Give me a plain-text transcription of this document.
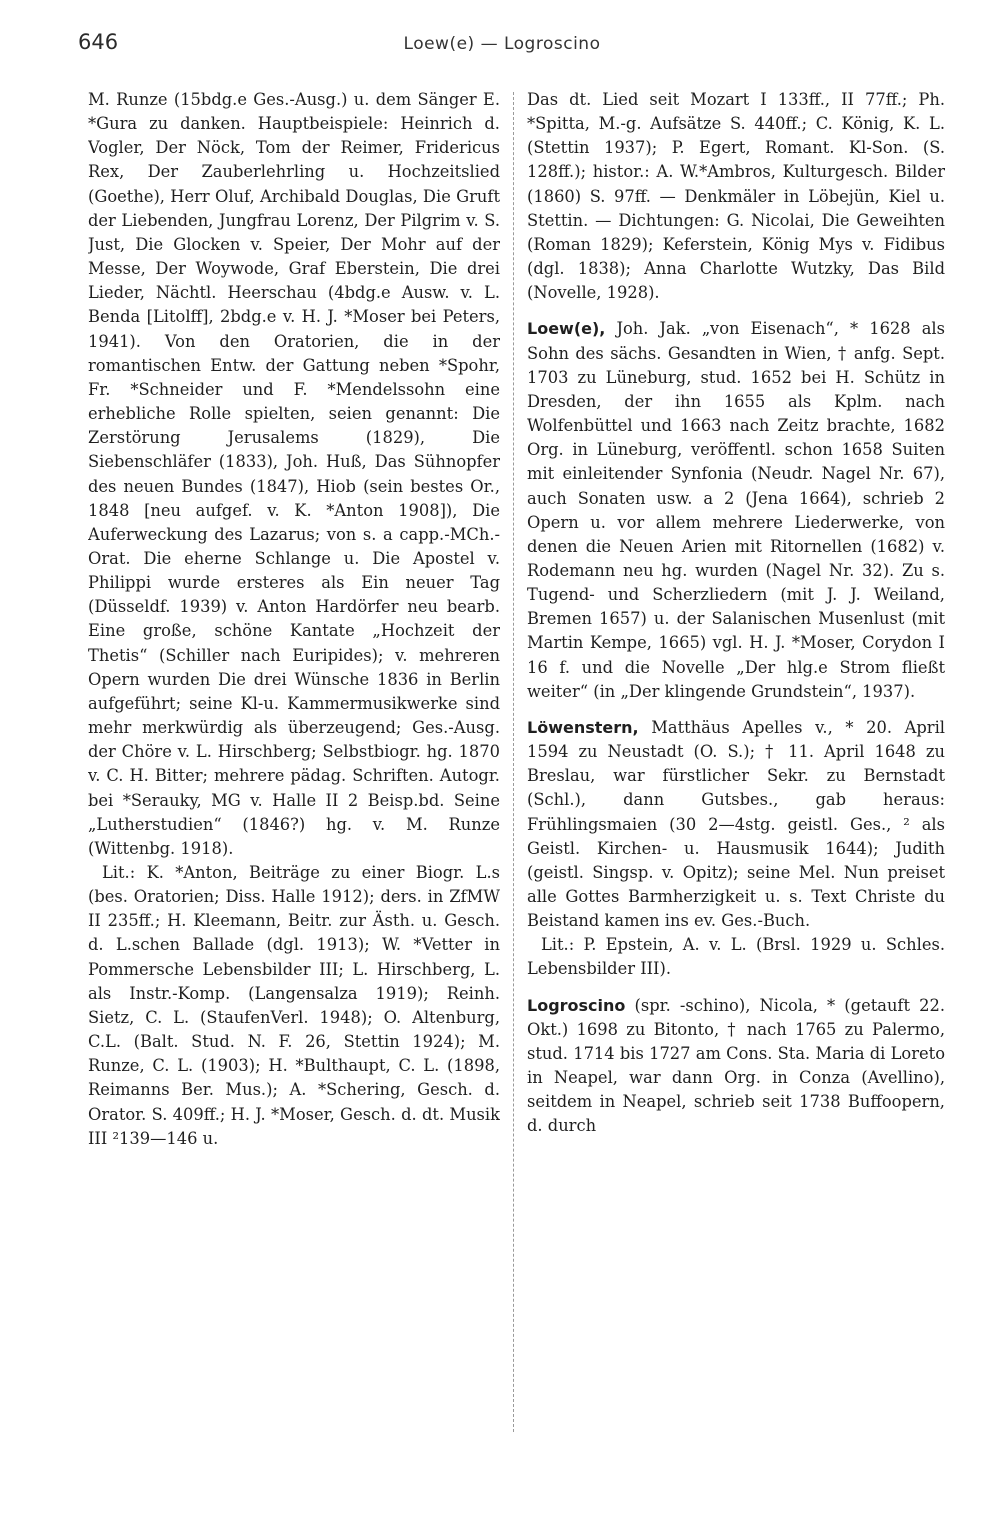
646	Loew(e) — Logroscino

M. Runze (15bdg.e Ges.-Ausg.) u. dem Sänger E. *Gura zu danken. Hauptbeispiele: Heinrich d. Vogler, Der Nöck, Tom der Reimer, Fridericus Rex, Der Zauberlehrling u. Hochzeitslied (Goethe), Herr Oluf, Archibald Douglas, Die Gruft der Liebenden, Jungfrau Lorenz, Der Pilgrim v. S. Just, Die Glocken v. Speier, Der Mohr auf der Messe, Der Woywode, Graf Eberstein, Die drei Lieder, Nächtl. Heerschau (4bdg.e Ausw. v. L. Benda [Litolff], 2bdg.e v. H. J. *Moser bei Peters, 1941). Von den Oratorien, die in der romantischen Entw. der Gattung neben *Spohr, Fr. *Schneider und F. *Mendelssohn eine erhebliche Rolle spielten, seien genannt: Die Zerstörung Jerusalems (1829), Die Siebenschläfer (1833), Joh. Huß, Das Sühnopfer des neuen Bundes (1847), Hiob (sein bestes Or., 1848 [neu aufgef. v. K. *Anton 1908]), Die Auferweckung des Lazarus; von s. a capp.-MCh.-Orat. Die eherne Schlange u. Die Apostel v. Philippi wurde ersteres als Ein neuer Tag (Düsseldf. 1939) v. Anton Hardörfer neu bearb. Eine große, schöne Kantate „Hochzeit der Thetis“ (Schiller nach Euripides); v. mehreren Opern wurden Die drei Wünsche 1836 in Berlin aufgeführt; seine Kl-u. Kammermusikwerke sind mehr merkwürdig als überzeugend; Ges.-Ausg. der Chöre v. L. Hirschberg; Selbstbiogr. hg. 1870 v. C. H. Bitter; mehrere pädag. Schriften. Autogr. bei *Serauky, MG v. Halle II 2 Beisp.bd. Seine „Lutherstudien“ (1846?) hg. v. M. Runze (Wittenbg. 1918).

Lit.: K. *Anton, Beiträge zu einer Biogr. L.s (bes. Oratorien; Diss. Halle 1912); ders. in ZfMW II 235ff.; H. Kleemann, Beitr. zur Ästh. u. Gesch. d. L.schen Ballade (dgl. 1913); W. *Vetter in Pommersche Lebensbilder III; L. Hirschberg, L. als Instr.-Komp. (Langensalza 1919); Reinh. Sietz, C. L. (StaufenVerl. 1948); O. Altenburg, C.L. (Balt. Stud. N. F. 26, Stettin 1924); M. Runze, C. L. (1903); H. *Bulthaupt, C. L. (1898, Reimanns Ber. Mus.); A. *Schering, Gesch. d. Orator. S. 409ff.; H. J. *Moser, Gesch. d. dt. Musik III ²139—146 u.

Das dt. Lied seit Mozart I 133ff., II 77ff.; Ph. *Spitta, M.-g. Aufsätze S. 440ff.; C. König, K. L. (Stettin 1937); P. Egert, Romant. Kl-Son. (S. 128ff.); histor.: A. W.*Ambros, Kulturgesch. Bilder (1860) S. 97ff. — Denkmäler in Löbejün, Kiel u. Stettin. — Dichtungen: G. Nicolai, Die Geweihten (Roman 1829); Keferstein, König Mys v. Fidibus (dgl. 1838); Anna Charlotte Wutzky, Das Bild (Novelle, 1928).

Loew(e), Joh. Jak. „von Eisenach“, * 1628 als Sohn des sächs. Gesandten in Wien, † anfg. Sept. 1703 zu Lüneburg, stud. 1652 bei H. Schütz in Dresden, der ihn 1655 als Kplm. nach Wolfenbüttel und 1663 nach Zeitz brachte, 1682 Org. in Lüneburg, veröffentl. schon 1658 Suiten mit einleitender Synfonia (Neudr. Nagel Nr. 67), auch Sonaten usw. a 2 (Jena 1664), schrieb 2 Opern u. vor allem mehrere Liederwerke, von denen die Neuen Arien mit Ritornellen (1682) v. Rodemann neu hg. wurden (Nagel Nr. 32). Zu s. Tugend- und Scherzliedern (mit J. J. Weiland, Bremen 1657) u. der Salanischen Musenlust (mit Martin Kempe, 1665) vgl. H. J. *Moser, Corydon I 16 f. und die Novelle „Der hlg.e Strom fließt weiter“ (in „Der klingende Grundstein“, 1937).

Löwenstern, Matthäus Apelles v., * 20. April 1594 zu Neustadt (O. S.); † 11. April 1648 zu Breslau, war fürstlicher Sekr. zu Bernstadt (Schl.), dann Gutsbes., gab heraus: Frühlingsmaien (30 2—4stg. geistl. Ges., ² als Geistl. Kirchen- u. Hausmusik 1644); Judith (geistl. Singsp. v. Opitz); seine Mel. Nun preiset alle Gottes Barmherzigkeit u. s. Text Christe du Beistand kamen ins ev. Ges.-Buch.

Lit.: P. Epstein, A. v. L. (Brsl. 1929 u. Schles. Lebensbilder III).

Logroscino (spr. -schino), Nicola, * (getauft 22. Okt.) 1698 zu Bitonto, † nach 1765 zu Palermo, stud. 1714 bis 1727 am Cons. Sta. Maria di Loreto in Neapel, war dann Org. in Conza (Avellino), seitdem in Neapel, schrieb seit 1738 Buffoopern, d. durch
